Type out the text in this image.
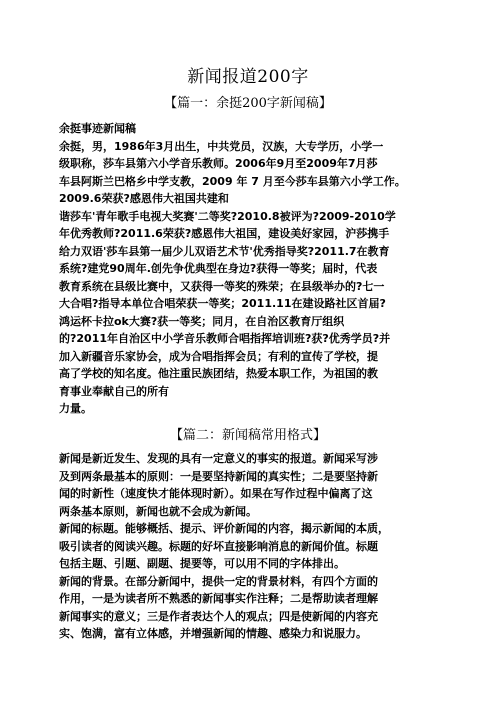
新闻报道200字
【篇一：余挺200字新闻稿】

余挺事迹新闻稿

余挺，男，1986年3月出生，中共党员，汉族，大专学历，小学一

级职称，莎车县第六小学音乐教师。2006年9月至2009年7月莎

车县阿斯兰巴格乡中学支教，2009 年 7 月至今莎车县第六小学工作。

2009.6荣获?感恩伟大祖国共建和

谐莎车'青年歌手电视大奖赛'二等奖?2010.8被评为?2009-2010学

年优秀教师?2011.6荣获?感恩伟大祖国，建设美好家园，沪莎携手

给力双语'莎车县第一届少儿双语艺术节'优秀指导奖?2011.7在教育

系统?建党90周年.创先争优典型在身边?获得一等奖；届时，代表

教育系统在县级比赛中，又获得一等奖的殊荣；在县级举办的?七一

大合唱?指导本单位合唱荣获一等奖；2011.11在建设路社区首届?

鸿运杯卡拉ok大赛?获一等奖；同月，在自治区教育厅组织

的?2011年自治区中小学音乐教师合唱指挥培训班?获?优秀学员?并

加入新疆音乐家协会，成为合唱指挥会员；有利的宣传了学校，提

高了学校的知名度。他注重民族团结，热爱本职工作，为祖国的教

育事业奉献自己的所有

力量。

【篇二：新闻稿常用格式】

新闻是新近发生、发现的具有一定意义的事实的报道。新闻采写涉

及到两条最基本的原则：一是要坚持新闻的真实性；二是要坚持新

闻的时新性（速度快才能体现时新）。如果在写作过程中偏离了这

两条基本原则，新闻也就不会成为新闻。

新闻的标题。能够概括、提示、评价新闻的内容，揭示新闻的本质，

吸引读者的阅读兴趣。标题的好坏直接影响消息的新闻价值。标题

包括主题、引题、副题、提要等，可以用不同的字体排出。

新闻的背景。在部分新闻中，提供一定的背景材料，有四个方面的

作用，一是为读者所不熟悉的新闻事实作注释；二是帮助读者理解

新闻事实的意义；三是作者表达个人的观点；四是使新闻的内容充

实、饱满，富有立体感，并增强新闻的情趣、感染力和说服力。
